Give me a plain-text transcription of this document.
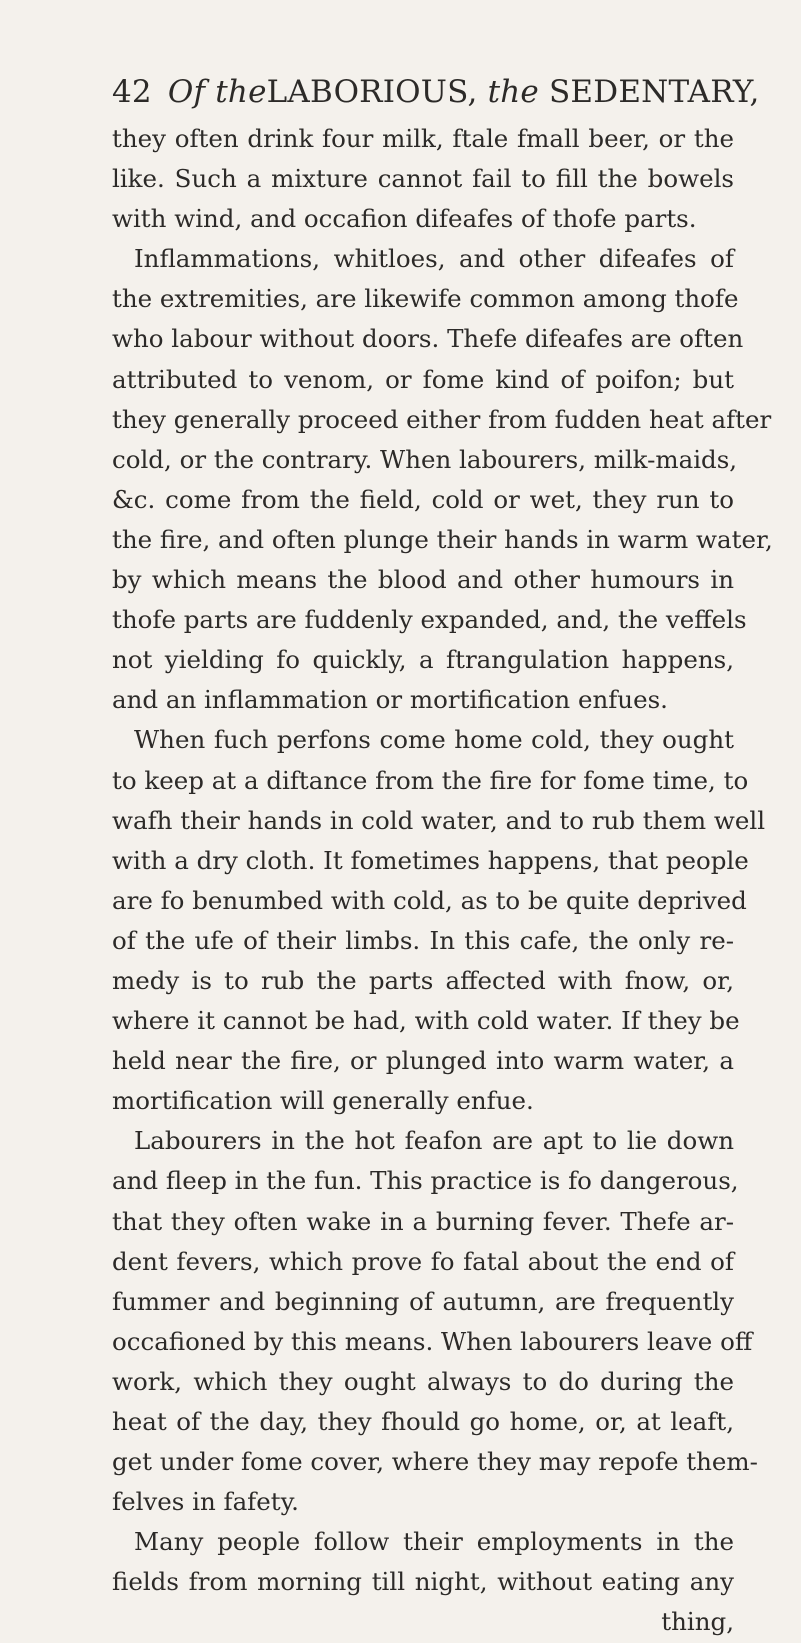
42 Of theLABORIOUS, the SEDENTARY,
they often drink four milk, ftale fmall beer, or the
like. Such a mixture cannot fail to fill the bowels
with wind, and occafion difeafes of thofe parts.
Inflammations, whitloes, and other difeafes of
the extremities, are likewife common among thofe
who labour without doors. Thefe difeafes are often
attributed to venom, or fome kind of poifon; but
they generally proceed either from fudden heat after
cold, or the contrary. When labourers, milk-maids,
&c. come from the field, cold or wet, they run to
the fire, and often plunge their hands in warm water,
by which means the blood and other humours in
thofe parts are fuddenly expanded, and, the veffels
not yielding fo quickly, a ftrangulation happens,
and an inflammation or mortification enfues.
When fuch perfons come home cold, they ought
to keep at a diftance from the fire for fome time, to
wafh their hands in cold water, and to rub them well
with a dry cloth. It fometimes happens, that people
are fo benumbed with cold, as to be quite deprived
of the ufe of their limbs. In this cafe, the only re-
medy is to rub the parts affected with fnow, or,
where it cannot be had, with cold water. If they be
held near the fire, or plunged into warm water, a
mortification will generally enfue.
Labourers in the hot feafon are apt to lie down
and fleep in the fun. This practice is fo dangerous,
that they often wake in a burning fever. Thefe ar-
dent fevers, which prove fo fatal about the end of
fummer and beginning of autumn, are frequently
occafioned by this means. When labourers leave off
work, which they ought always to do during the
heat of the day, they fhould go home, or, at leaft,
get under fome cover, where they may repofe them-
felves in fafety.
Many people follow their employments in the
fields from morning till night, without eating any
thing,
